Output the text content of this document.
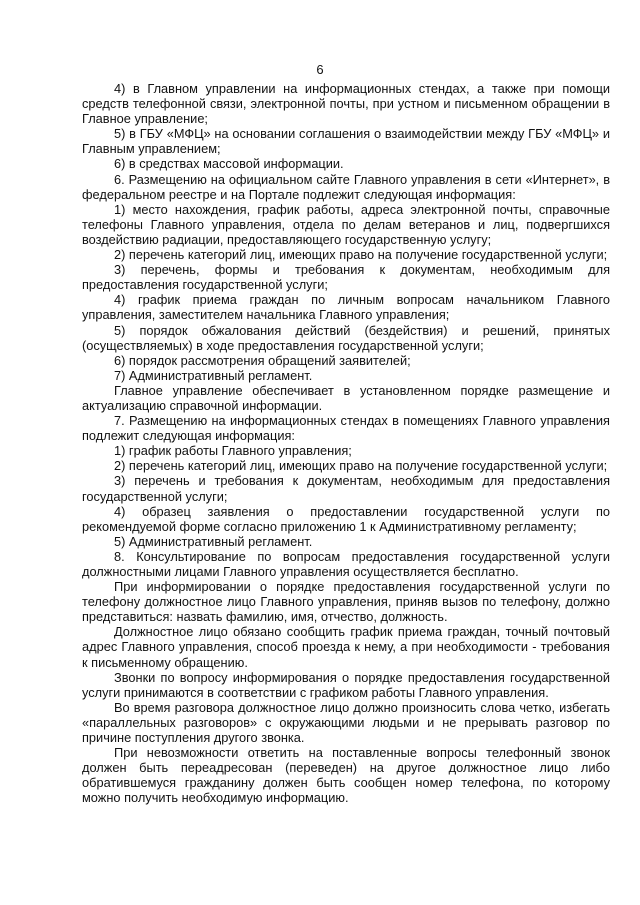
6

4) в Главном управлении на информационных стендах, а также при помощи средств телефонной связи, электронной почты, при устном и письменном обращении в Главное управление;

5) в ГБУ «МФЦ» на основании соглашения о взаимодействии между ГБУ «МФЦ» и Главным управлением;

6) в средствах массовой информации.

6. Размещению на официальном сайте Главного управления в сети «Интернет», в федеральном реестре и на Портале подлежит следующая информация:

1) место нахождения, график работы, адреса электронной почты, справочные телефоны Главного управления, отдела по делам ветеранов и лиц, подвергшихся воздействию радиации, предоставляющего государственную услугу;

2) перечень категорий лиц, имеющих право на получение государственной услуги;

3) перечень, формы и требования к документам, необходимым для предоставления государственной услуги;

4) график приема граждан по личным вопросам начальником Главного управления, заместителем начальника Главного управления;

5) порядок обжалования действий (бездействия) и решений, принятых (осуществляемых) в ходе предоставления государственной услуги;

6) порядок рассмотрения обращений заявителей;

7) Административный регламент.

Главное управление обеспечивает в установленном порядке размещение и актуализацию справочной информации.

7. Размещению на информационных стендах в помещениях Главного управления подлежит следующая информация:

1) график работы Главного управления;

2) перечень категорий лиц, имеющих право на получение государственной услуги;

3) перечень и требования к документам, необходимым для предоставления государственной услуги;

4) образец заявления о предоставлении государственной услуги по рекомендуемой форме согласно приложению 1 к Административному регламенту;

5) Административный регламент.

8. Консультирование по вопросам предоставления государственной услуги должностными лицами Главного управления осуществляется бесплатно.

При информировании о порядке предоставления государственной услуги по телефону должностное лицо Главного управления, приняв вызов по телефону, должно представиться: назвать фамилию, имя, отчество, должность.

Должностное лицо обязано сообщить график приема граждан, точный почтовый адрес Главного управления, способ проезда к нему, а при необходимости - требования к письменному обращению.

Звонки по вопросу информирования о порядке предоставления государственной услуги принимаются в соответствии с графиком работы Главного управления.

Во время разговора должностное лицо должно произносить слова четко, избегать «параллельных разговоров» с окружающими людьми и не прерывать разговор по причине поступления другого звонка.

При невозможности ответить на поставленные вопросы телефонный звонок должен быть переадресован (переведен) на другое должностное лицо либо обратившемуся гражданину должен быть сообщен номер телефона, по которому можно получить необходимую информацию.
